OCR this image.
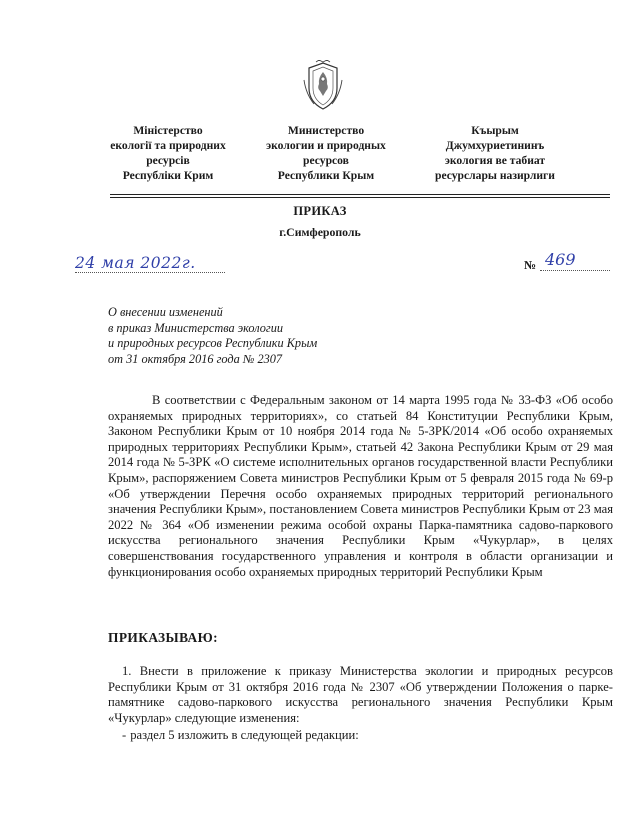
Міністерство
екології та природних
ресурсів
Республіки Крим
Министерство
экологии и природных
ресурсов
Республики Крым
Къырым
Джумхуриетининъ
экология ве табиат
ресурслары назирлиги
ПРИКАЗ
г.Симферополь
24 мая 2022г.	№ 469
О внесении изменений
в приказ Министерства экологии
и природных ресурсов Республики Крым
от 31 октября 2016 года № 2307
В соответствии с Федеральным законом от 14 марта 1995 года № 33-ФЗ «Об особо охраняемых природных территориях», со статьей 84 Конституции Республики Крым, Законом Республики Крым от 10 ноября 2014 года № 5-ЗРК/2014 «Об особо охраняемых природных территориях Республики Крым», статьей 42 Закона Республики Крым от 29 мая 2014 года № 5-ЗРК «О системе исполнительных органов государственной власти Республики Крым», распоряжением Совета министров Республики Крым от 5 февраля 2015 года № 69-р «Об утверждении Перечня особо охраняемых природных территорий регионального значения Республики Крым», постановлением Совета министров Республики Крым от 23 мая 2022 № 364 «Об изменении режима особой охраны Парка-памятника садово-паркового искусства регионального значения Республики Крым «Чукурлар», в целях совершенствования государственного управления и контроля в области организации и функционирования особо охраняемых природных территорий Республики Крым
ПРИКАЗЫВАЮ:
1. Внести в приложение к приказу Министерства экологии и природных ресурсов Республики Крым от 31 октября 2016 года № 2307 «Об утверждении Положения о парке-памятнике садово-паркового искусства регионального значения Республики Крым «Чукурлар» следующие изменения:
- раздел 5 изложить в следующей редакции:
